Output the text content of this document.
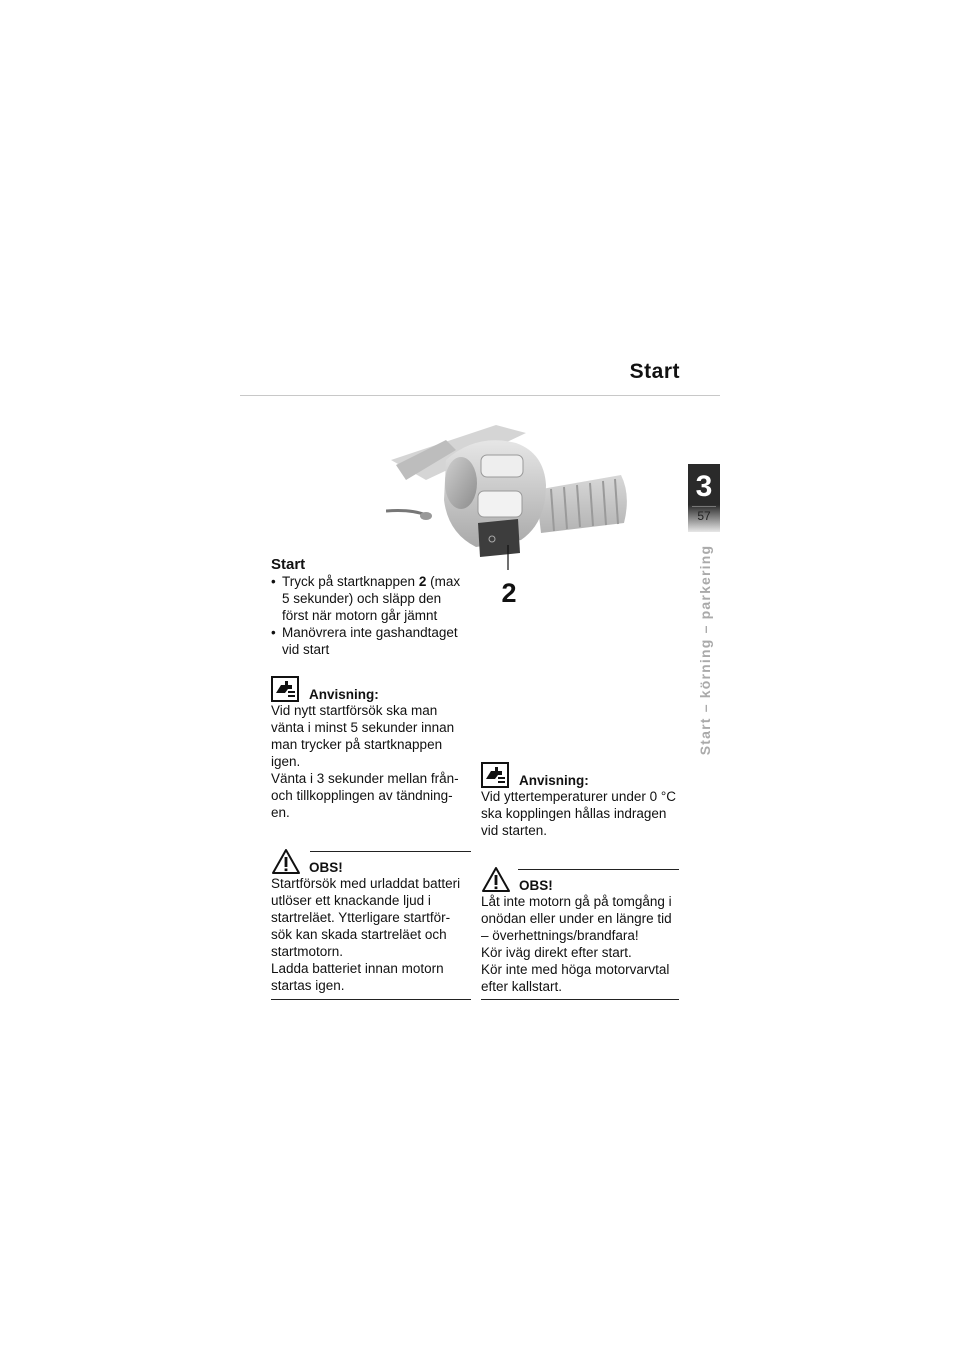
Start
3
57
Start – körning – parkering
2
Start
• Tryck på startknappen 2 (max 5 sekunder) och släpp den först när motorn går jämnt
• Manövrera inte gashandtaget vid start
Anvisning:

Vid nytt startförsök ska man vänta i minst 5 sekunder innan man trycker på startknappen igen.

Vänta i 3 sekunder mellan från- och tillkopplingen av tändning- en.

OBS!

Startförsök med urladdat batteri utlöser ett knackande ljud i startreläet. Ytterligare startför- sök kan skada startreläet och startmotorn.

Ladda batteriet innan motorn startas igen.

Anvisning:

Vid yttertemperaturer under 0 °C ska kopplingen hållas indragen vid starten.

OBS!

Låt inte motorn gå på tomgång i onödan eller under en längre tid – överhettnings/brandfara!

Kör iväg direkt efter start.

Kör inte med höga motorvarvtal efter kallstart.
